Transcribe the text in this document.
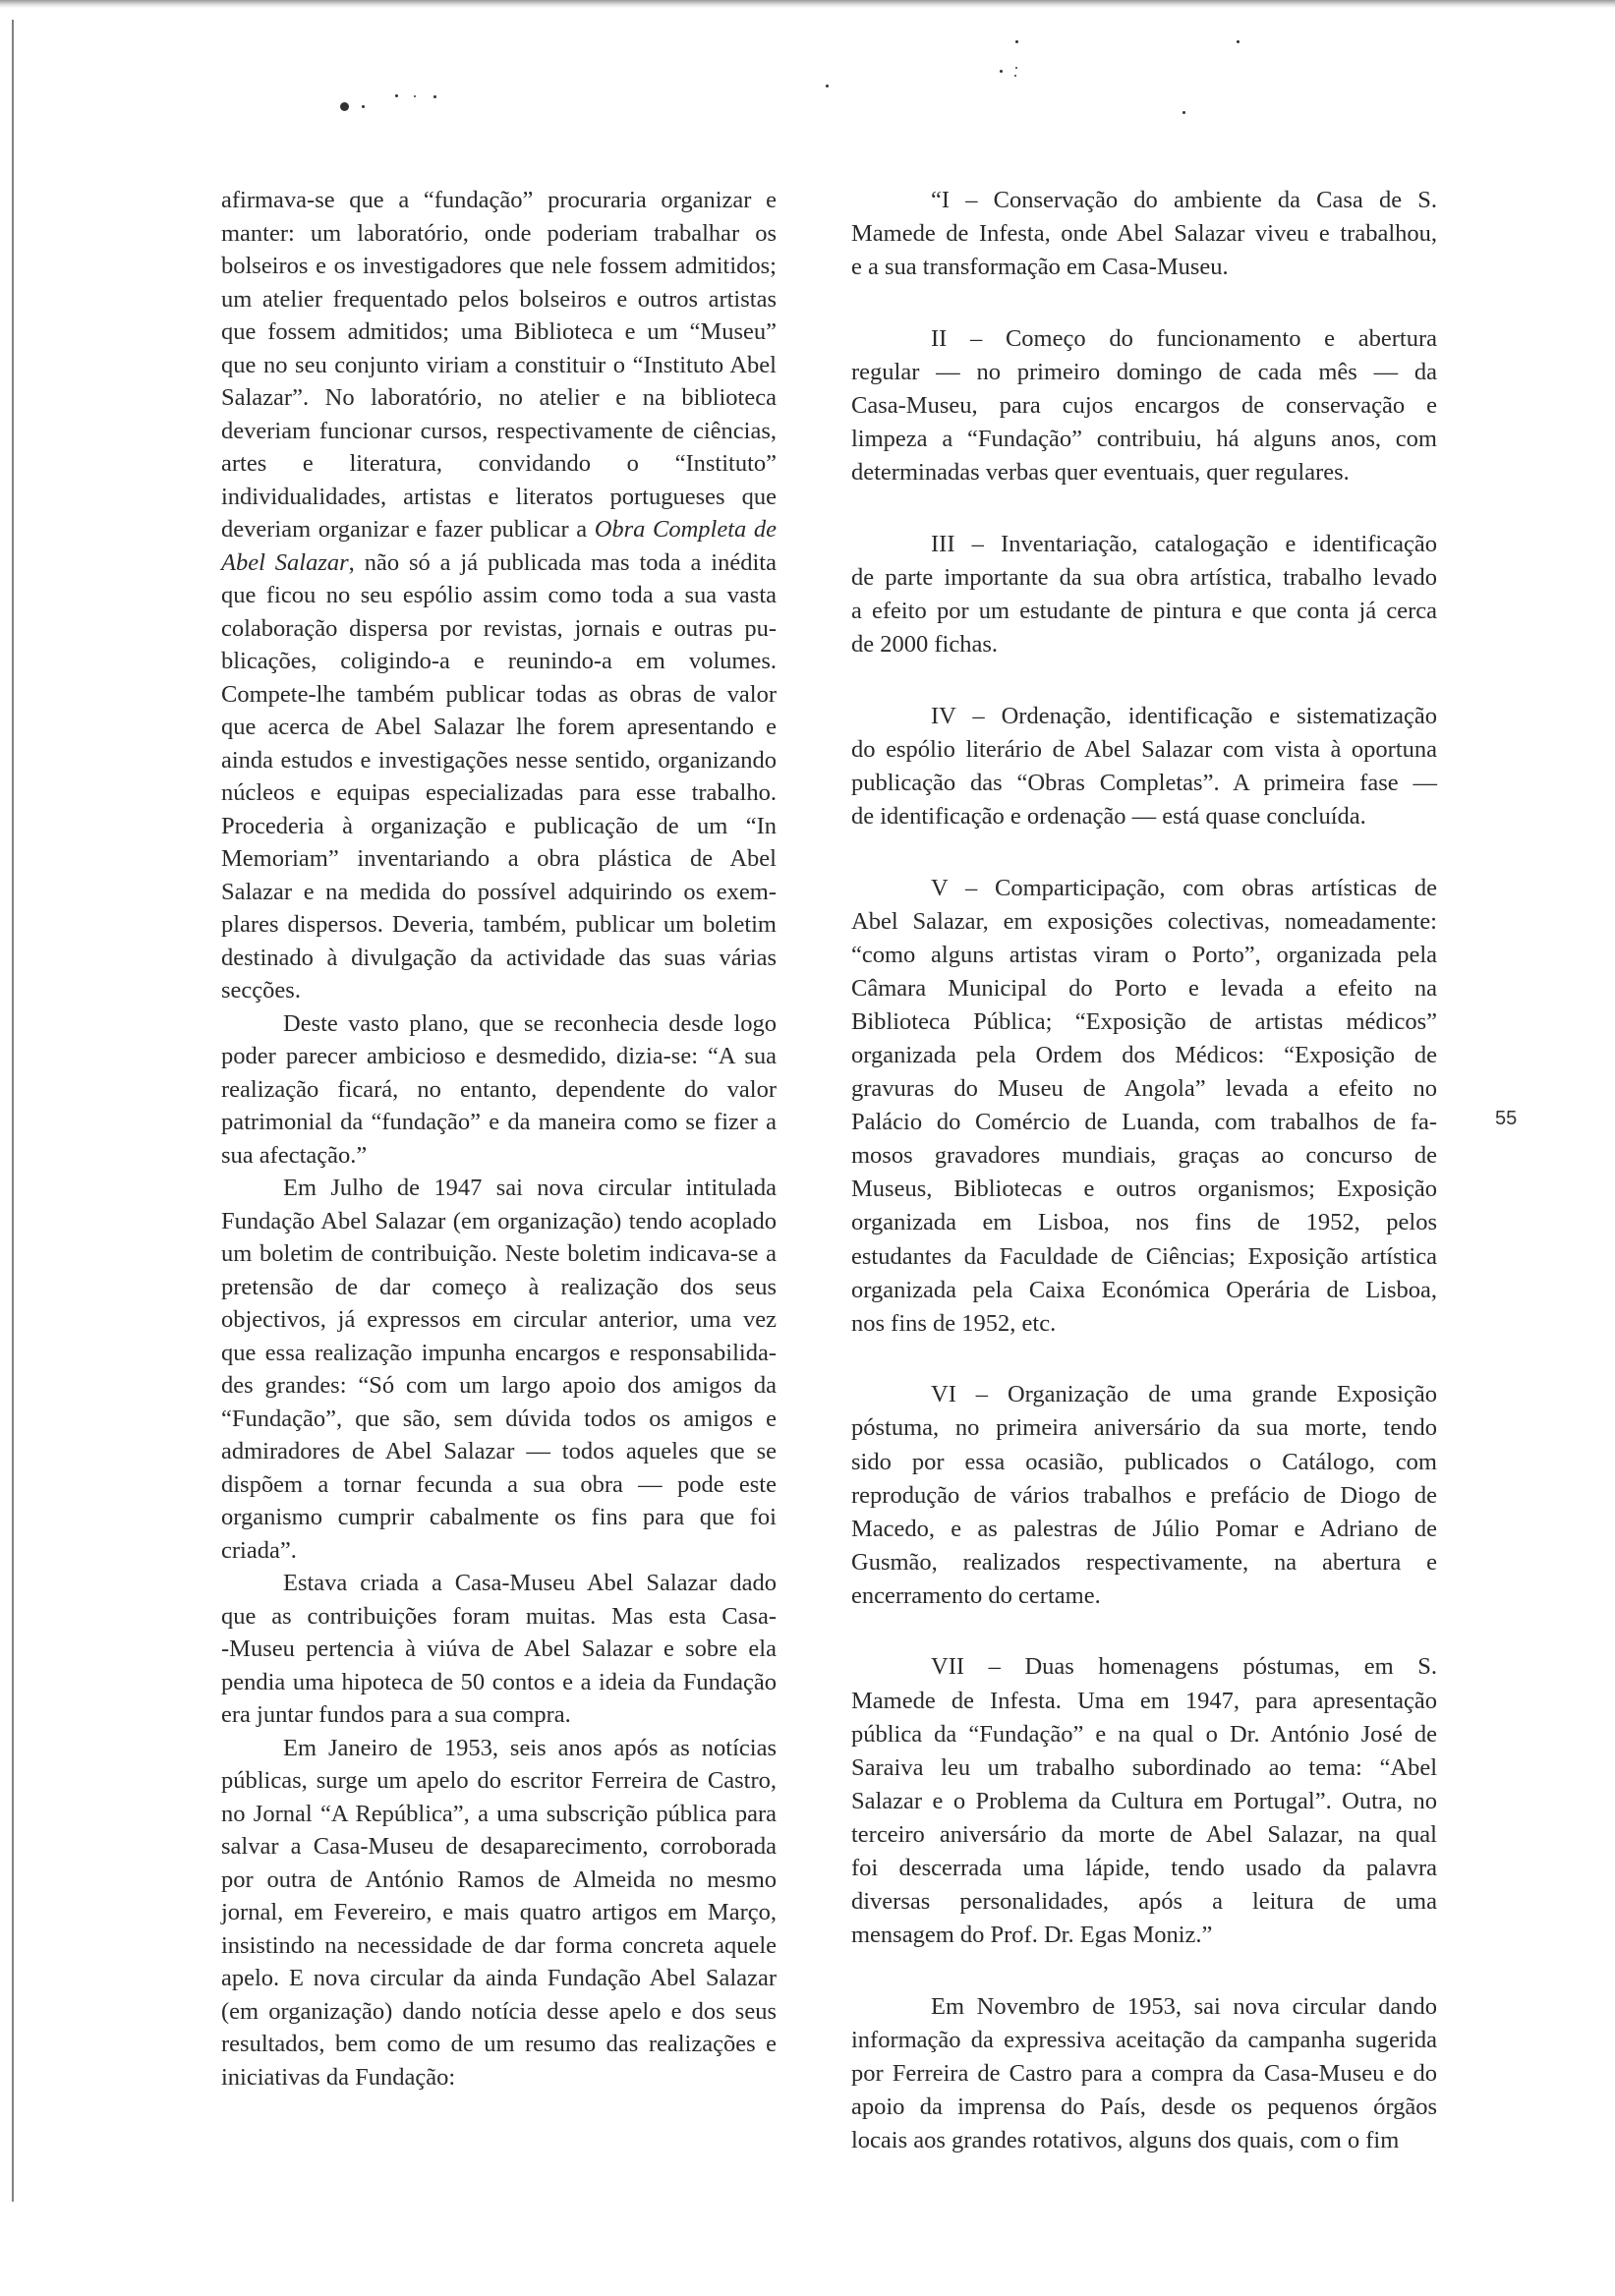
afirmava-se que a “fundação” procuraria organizar e
manter: um laboratório, onde poderiam trabalhar os
bolseiros e os investigadores que nele fossem admitidos;
um atelier frequentado pelos bolseiros e outros artistas
que fossem admitidos; uma Biblioteca e um “Museu”
que no seu conjunto viriam a constituir o “Instituto Abel
Salazar”. No laboratório, no atelier e na biblioteca
deveriam funcionar cursos, respectivamente de ciências,
artes e literatura, convidando o “Instituto”
individualidades, artistas e literatos portugueses que
deveriam organizar e fazer publicar a Obra Completa de
Abel Salazar, não só a já publicada mas toda a inédita
que ficou no seu espólio assim como toda a sua vasta
colaboração dispersa por revistas, jornais e outras pu-
blicações, coligindo-a e reunindo-a em volumes.
Compete-lhe também publicar todas as obras de valor
que acerca de Abel Salazar lhe forem apresentando e
ainda estudos e investigações nesse sentido, organizando
núcleos e equipas especializadas para esse trabalho.
Procederia à organização e publicação de um “In
Memoriam” inventariando a obra plástica de Abel
Salazar e na medida do possível adquirindo os exem-
plares dispersos. Deveria, também, publicar um boletim
destinado à divulgação da actividade das suas várias
secções.
Deste vasto plano, que se reconhecia desde logo
poder parecer ambicioso e desmedido, dizia-se: “A sua
realização ficará, no entanto, dependente do valor
patrimonial da “fundação” e da maneira como se fizer a
sua afectação.”
Em Julho de 1947 sai nova circular intitulada
Fundação Abel Salazar (em organização) tendo acoplado
um boletim de contribuição. Neste boletim indicava-se a
pretensão de dar começo à realização dos seus
objectivos, já expressos em circular anterior, uma vez
que essa realização impunha encargos e responsabilida-
des grandes: “Só com um largo apoio dos amigos da
“Fundação”, que são, sem dúvida todos os amigos e
admiradores de Abel Salazar — todos aqueles que se
dispõem a tornar fecunda a sua obra — pode este
organismo cumprir cabalmente os fins para que foi
criada”.
Estava criada a Casa-Museu Abel Salazar dado
que as contribuições foram muitas. Mas esta Casa-
-Museu pertencia à viúva de Abel Salazar e sobre ela
pendia uma hipoteca de 50 contos e a ideia da Fundação
era juntar fundos para a sua compra.
Em Janeiro de 1953, seis anos após as notícias
públicas, surge um apelo do escritor Ferreira de Castro,
no Jornal “A República”, a uma subscrição pública para
salvar a Casa-Museu de desaparecimento, corroborada
por outra de António Ramos de Almeida no mesmo
jornal, em Fevereiro, e mais quatro artigos em Março,
insistindo na necessidade de dar forma concreta aquele
apelo. E nova circular da ainda Fundação Abel Salazar
(em organização) dando notícia desse apelo e dos seus
resultados, bem como de um resumo das realizações e
iniciativas da Fundação:
“I – Conservação do ambiente da Casa de S.
Mamede de Infesta, onde Abel Salazar viveu e trabalhou,
e a sua transformação em Casa-Museu.
II – Começo do funcionamento e abertura
regular — no primeiro domingo de cada mês — da
Casa-Museu, para cujos encargos de conservação e
limpeza a “Fundação” contribuiu, há alguns anos, com
determinadas verbas quer eventuais, quer regulares.
III – Inventariação, catalogação e identificação
de parte importante da sua obra artística, trabalho levado
a efeito por um estudante de pintura e que conta já cerca
de 2000 fichas.
IV – Ordenação, identificação e sistematização
do espólio literário de Abel Salazar com vista à oportuna
publicação das “Obras Completas”. A primeira fase —
de identificação e ordenação — está quase concluída.
V – Comparticipação, com obras artísticas de
Abel Salazar, em exposições colectivas, nomeadamente:
“como alguns artistas viram o Porto”, organizada pela
Câmara Municipal do Porto e levada a efeito na
Biblioteca Pública; “Exposição de artistas médicos”
organizada pela Ordem dos Médicos: “Exposição de
gravuras do Museu de Angola” levada a efeito no
Palácio do Comércio de Luanda, com trabalhos de fa-
mosos gravadores mundiais, graças ao concurso de
Museus, Bibliotecas e outros organismos; Exposição
organizada em Lisboa, nos fins de 1952, pelos
estudantes da Faculdade de Ciências; Exposição artística
organizada pela Caixa Económica Operária de Lisboa,
nos fins de 1952, etc.
VI – Organização de uma grande Exposição
póstuma, no primeira aniversário da sua morte, tendo
sido por essa ocasião, publicados o Catálogo, com
reprodução de vários trabalhos e prefácio de Diogo de
Macedo, e as palestras de Júlio Pomar e Adriano de
Gusmão, realizados respectivamente, na abertura e
encerramento do certame.
VII – Duas homenagens póstumas, em S.
Mamede de Infesta. Uma em 1947, para apresentação
pública da “Fundação” e na qual o Dr. António José de
Saraiva leu um trabalho subordinado ao tema: “Abel
Salazar e o Problema da Cultura em Portugal”. Outra, no
terceiro aniversário da morte de Abel Salazar, na qual
foi descerrada uma lápide, tendo usado da palavra
diversas personalidades, após a leitura de uma
mensagem do Prof. Dr. Egas Moniz.”
Em Novembro de 1953, sai nova circular dando
informação da expressiva aceitação da campanha sugerida
por Ferreira de Castro para a compra da Casa-Museu e do
apoio da imprensa do País, desde os pequenos órgãos
locais aos grandes rotativos, alguns dos quais, com o fim
55
